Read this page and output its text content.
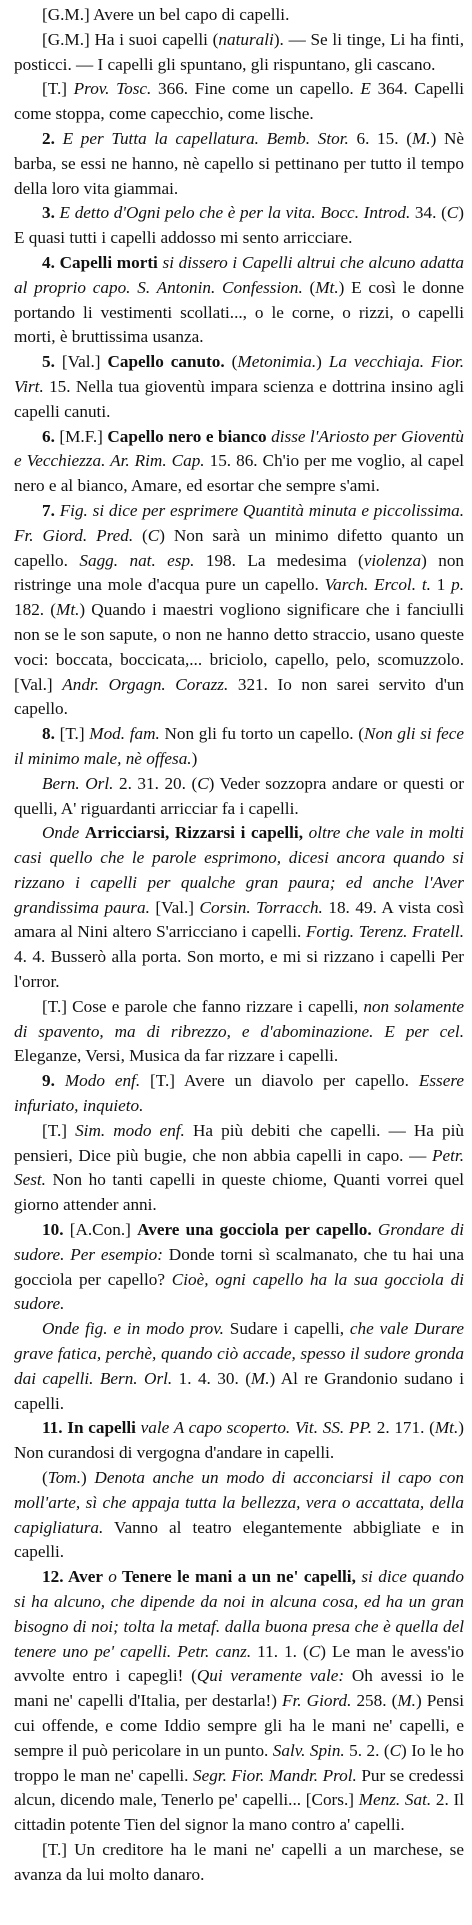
[G.M.] Avere un bel capo di capelli.

[G.M.] Ha i suoi capelli (naturali). — Se li tinge, Li ha finti, posticci. — I capelli gli spuntano, gli rispuntano, gli cascano.

[T.] Prov. Tosc. 366. Fine come un capello. E 364. Capelli come stoppa, come capecchio, come lische.

2. E per Tutta la capellatura. Bemb. Stor. 6. 15. (M.) Nè barba, se essi ne hanno, nè capello si pettinano per tutto il tempo della loro vita giammai.

3. E detto d'Ogni pelo che è per la vita. Bocc. Introd. 34. (C) E quasi tutti i capelli addosso mi sento arricciare.

4. Capelli morti si dissero i Capelli altrui che alcuno adatta al proprio capo. S. Antonin. Confession. (Mt.) E così le donne portando li vestimenti scollati..., o le corne, o rizzi, o capelli morti, è bruttissima usanza.

5. [Val.] Capello canuto. (Metonimia.) La vecchiaja. Fior. Virt. 15. Nella tua gioventù impara scienza e dottrina insino agli capelli canuti.

6. [M.F.] Capello nero e bianco disse l'Ariosto per Gioventù e Vecchiezza. Ar. Rim. Cap. 15. 86. Ch'io per me voglio, al capel nero e al bianco, Amare, ed esortar che sempre s'ami.

7. Fig. si dice per esprimere Quantità minuta e piccolissima. Fr. Giord. Pred. (C) Non sarà un minimo difetto quanto un capello. Sagg. nat. esp. 198. La medesima (violenza) non ristringe una mole d'acqua pure un capello. Varch. Ercol. t. 1 p. 182. (Mt.) Quando i maestri vogliono significare che i fanciulli non se le son sapute, o non ne hanno detto straccio, usano queste voci: boccata, boccicata,... briciolo, capello, pelo, scomuzzolo. [Val.] Andr. Orgagn. Corazz. 321. Io non sarei servito d'un capello.

8. [T.] Mod. fam. Non gli fu torto un capello. (Non gli si fece il minimo male, nè offesa.)

Bern. Orl. 2. 31. 20. (C) Veder sozzopra andare or questi or quelli, A' riguardanti arricciar fa i capelli.

Onde Arricciarsi, Rizzarsi i capelli, oltre che vale in molti casi quello che le parole esprimono, dicesi ancora quando si rizzano i capelli per qualche gran paura; ed anche l'Aver grandissima paura. [Val.] Corsin. Torracch. 18. 49. A vista così amara al Nini altero S'arricciano i capelli. Fortig. Terenz. Fratell. 4. 4. Busserò alla porta. Son morto, e mi si rizzano i capelli Per l'orror.

[T.] Cose e parole che fanno rizzare i capelli, non solamente di spavento, ma di ribrezzo, e d'abominazione. E per cel. Eleganze, Versi, Musica da far rizzare i capelli.

9. Modo enf. [T.] Avere un diavolo per capello. Essere infuriato, inquieto.

[T.] Sim. modo enf. Ha più debiti che capelli. — Ha più pensieri, Dice più bugie, che non abbia capelli in capo. — Petr. Sest. Non ho tanti capelli in queste chiome, Quanti vorrei quel giorno attender anni.

10. [A.Con.] Avere una gocciola per capello. Grondare di sudore. Per esempio: Donde torni sì scalmanato, che tu hai una gocciola per capello? Cioè, ogni capello ha la sua gocciola di sudore.

Onde fig. e in modo prov. Sudare i capelli, che vale Durare grave fatica, perchè, quando ciò accade, spesso il sudore gronda dai capelli. Bern. Orl. 1. 4. 30. (M.) Al re Grandonio sudano i capelli.

11. In capelli vale A capo scoperto. Vit. SS. PP. 2. 171. (Mt.) Non curandosi di vergogna d'andare in capelli.

(Tom.) Denota anche un modo di acconciarsi il capo con moll'arte, sì che appaja tutta la bellezza, vera o accattata, della capigliatura. Vanno al teatro elegantemente abbigliate e in capelli.

12. Aver o Tenere le mani a un ne' capelli, si dice quando si ha alcuno, che dipende da noi in alcuna cosa, ed ha un gran bisogno di noi; tolta la metaf. dalla buona presa che è quella del tenere uno pe' capelli. Petr. canz. 11. 1. (C) Le man le avess'io avvolte entro i capegli! (Qui veramente vale: Oh avessi io le mani ne' capelli d'Italia, per destarla!) Fr. Giord. 258. (M.) Pensi cui offende, e come Iddio sempre gli ha le mani ne' capelli, e sempre il può pericolare in un punto. Salv. Spin. 5. 2. (C) Io le ho troppo le man ne' capelli. Segr. Fior. Mandr. Prol. Pur se credessi alcun, dicendo male, Tenerlo pe' capelli... [Cors.] Menz. Sat. 2. Il cittadin potente Tien del signor la mano contro a' capelli.

[T.] Un creditore ha le mani ne' capelli a un marchese, se avanza da lui molto danaro.
